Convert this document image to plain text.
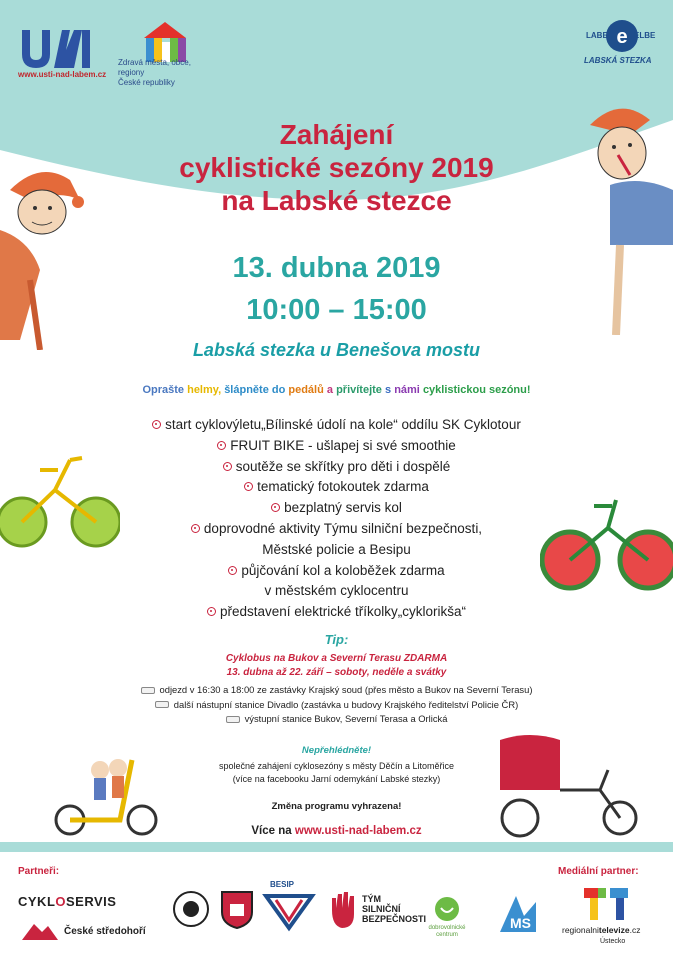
www.usti-nad-labem.cz
Zdravá města, obce, regiony
České republiky
e
LABE	ELBE
LABSKÁ STEZKA
Zahájení
cyklistické sezóny 2019
na Labské stezce
13. dubna 2019
10:00 – 15:00
Labská stezka u Benešova mostu
Oprašte helmy, šlápněte do pedálů a přivítejte s námi cyklistickou sezónu!
start cyklovýletu„Bílinské údolí na kole“ oddílu SK Cyklotour
FRUIT BIKE - ušlapej si své smoothie
soutěže se skřítky pro děti i dospělé
tematický fotokoutek zdarma
bezplatný servis kol
doprovodné aktivity Týmu silniční bezpečnosti,
Městské policie a Besipu
půjčování kol a koloběžek zdarma
v městském cyklocentru
představení elektrické tříkolky„cyklorikša“
Tip:
Cyklobus na Bukov a Severní Terasu ZDARMA
13. dubna až 22. září – soboty, neděle a svátky
odjezd v 16:30 a 18:00 ze zastávky Krajský soud (přes město a Bukov na Severní Terasu)
další nástupní stanice Divadlo (zastávka u budovy Krajského ředitelství Policie ČR)
výstupní stanice Bukov, Severní Terasa a Orlická
Nepřehlédněte!
společné zahájení cyklosezóny s městy Děčín a Litoměřice
(více na facebooku Jarní odemykání Labské stezky)
Změna programu vyhrazena!
Více na www.usti-nad-labem.cz
Partneři:	Mediální partner:
CYKLOSERVIS
České středohoří
BESIP
TÝM
SILNIČNÍ
BEZPEČNOSTI
dobrovolnické
centrum
MS	regionalnitelevize.cz
Ústecko
